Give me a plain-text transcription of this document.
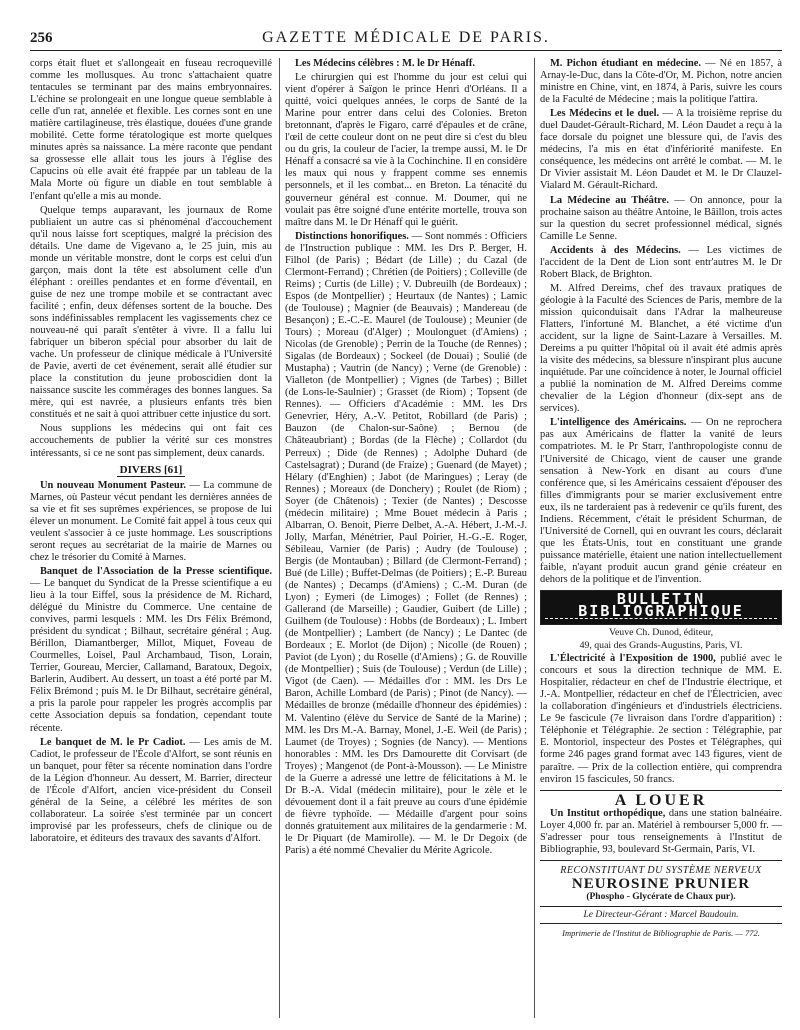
256	GAZETTE MÉDICALE DE PARIS.

corps était fluet et s'allongeait en fuseau recroquevillé comme les mollusques. Au tronc s'attachaient quatre tentacules se terminant par des mains embryonnaires. L'échine se prolongeait en une longue queue semblable à celle d'un rat, annelée et flexible. Les cornes sont en une matière cartilagineuse, très élastique, douées d'une grande mobilité. Cette forme tératologique est morte quelques minutes après sa naissance. La mère raconte que pendant sa grossesse elle allait tous les jours à l'église des Capucins où elle avait été frappée par un tableau de la Mala Morte où figure un diable en tout semblable à l'enfant qu'elle a mis au monde.

Quelque temps auparavant, les journaux de Rome publiaient un autre cas si phénoménal d'accouchement qu'il nous laisse fort sceptiques, malgré la précision des détails. Une dame de Vigevano a, le 25 juin, mis au monde un véritable monstre, dont le corps est celui d'un garçon, mais dont la tête est absolument celle d'un éléphant : oreilles pendantes et en forme d'éventail, en guise de nez une trompe mobile et se contractant avec facilité ; enfin, deux défenses sortent de la bouche. Des sons indéfinissables remplacent les vagissements chez ce nouveau-né qui paraît s'entêter à vivre. Il a fallu lui fabriquer un biberon spécial pour absorber du lait de vache. Un professeur de clinique médicale à l'Université de Pavie, averti de cet événement, serait allé étudier sur place la constitution du jeune proboscidien dont la naissance suscite les commérages des bonnes langues. Sa mère, qui est navrée, a plusieurs enfants très bien constitués et ne sait à quoi attribuer cette injustice du sort.

Nous supplions les médecins qui ont fait ces accouchements de publier la vérité sur ces monstres intéressants, si ce ne sont pas simplement, deux canards.

DIVERS [61]

Un nouveau Monument Pasteur. — La commune de Marnes, où Pasteur vécut pendant les dernières années de sa vie et fit ses suprêmes expériences, se propose de lui élever un monument. Le Comité fait appel à tous ceux qui veulent s'associer à ce juste hommage. Les souscriptions seront reçues au secrétariat de la mairie de Marnes ou chez le trésorier du Comité à Marnes.

Banquet de l'Association de la Presse scientifique. — Le banquet du Syndicat de la Presse scientifique a eu lieu à la tour Eiffel, sous la présidence de M. Richard, délégué du Ministre du Commerce. Une centaine de convives, parmi lesquels : MM. les Drs Félix Brémond, président du syndicat ; Bilhaut, secrétaire général ; Aug. Bérillon, Diamantberger, Millot, Miquet, Foveau de Courmelles, Loisel, Paul Archambaud, Tison, Lorain, Terrier, Goureau, Mercier, Callamand, Baratoux, Degoix, Barlerin, Audibert. Au dessert, un toast a été porté par M. Félix Brémond ; puis M. le Dr Bilhaut, secrétaire général, a pris la parole pour rappeler les progrès accomplis par cette Association depuis sa fondation, cependant toute récente.

Le banquet de M. le Pr Cadiot. — Les amis de M. Cadiot, le professeur de l'École d'Alfort, se sont réunis en un banquet, pour fêter sa récente nomination dans l'ordre de la Légion d'honneur. Au dessert, M. Barrier, directeur de l'École d'Alfort, ancien vice-président du Conseil général de la Seine, a célébré les mérites de son collaborateur. La soirée s'est terminée par un concert improvisé par les professeurs, chefs de clinique ou de laboratoire, et éditeurs des travaux des savants d'Alfort.

Les Médecins célèbres : M. le Dr Hénaff.

Le chirurgien qui est l'homme du jour est celui qui vient d'opérer à Saïgon le prince Henri d'Orléans. Il a quitté, voici quelques années, le corps de Santé de la Marine pour entrer dans celui des Colonies. Breton bretonnant, d'après le Figaro, carré d'épaules et de crâne, l'œil de cette couleur dont on ne peut dire si c'est du bleu ou du gris, la couleur de l'acier, la trempe aussi, M. le Dr Hénaff a consacré sa vie à la Cochinchine. Il en considère les maux qui nous y frappent comme ses ennemis personnels, et il les combat... en Breton. La ténacité du gouverneur général est connue. M. Doumer, qui ne voulait pas être soigné d'une entérite mortelle, trouva son maître dans M. le Dr Hénaff qui le guérit.

Distinctions honorifiques. — Sont nommés : Officiers de l'Instruction publique : MM. les Drs P. Berger, H. Filhol (de Paris) ; Bédart (de Lille) ; du Cazal (de Clermont-Ferrand) ; Chrétien (de Poitiers) ; Colleville (de Reims) ; Curtis (de Lille) ; V. Dubreuilh (de Bordeaux) ; Espos (de Montpellier) ; Heurtaux (de Nantes) ; Lamic (de Toulouse) ; Magnier (de Beauvais) ; Mandereau (de Besançon) ; E.-C.-E. Maurel (de Toulouse) ; Meunier (de Tours) ; Moreau (d'Alger) ; Moulonguet (d'Amiens) ; Nicolas (de Grenoble) ; Perrin de la Touche (de Rennes) ; Sigalas (de Bordeaux) ; Sockeel (de Douai) ; Soulié (de Mustapha) ; Vautrin (de Nancy) ; Verne (de Grenoble) : Vialleton (de Montpellier) ; Vignes (de Tarbes) ; Billet (de Lons-le-Saulnier) ; Grasset (de Riom) ; Topsent (de Rennes). — Officiers d'Académie : MM. les Drs Genevrier, Héry, A.-V. Petitot, Robillard (de Paris) ; Bauzon (de Chalon-sur-Saône) ; Bernou (de Châteaubriant) ; Bordas (de la Flèche) ; Collardot (du Perreux) ; Dide (de Rennes) ; Adolphe Duhard (de Castelsagrat) ; Durand (de Fraize) ; Guenard (de Mayet) ; Hélary (d'Enghien) ; Jabot (de Maringues) ; Leray (de Rennes) ; Moreaux (de Donchery) ; Roulet (de Riom) ; Soyer (de Châtenois) ; Texier (de Nantes) ; Descosse (médecin militaire) ; Mme Bouet médecin à Paris ; Albarran, O. Benoit, Pierre Delbet, A.-A. Hébert, J.-M.-J. Jolly, Marfan, Ménétrier, Paul Poirier, H.-G.-E. Roger, Sébileau, Varnier (de Paris) ; Audry (de Toulouse) ; Bergis (de Montauban) ; Billard (de Clermont-Ferrand) ; Bué (de Lille) ; Buffet-Delmas (de Poitiers) ; E.-P. Bureau (de Nantes) ; Decamps (d'Amiens) ; C.-M. Duran (de Lyon) ; Eymeri (de Limoges) ; Follet (de Rennes) ; Gallerand (de Marseille) ; Gaudier, Guibert (de Lille) ; Guilhem (de Toulouse) : Hobbs (de Bordeaux) ; L. Imbert (de Montpellier) ; Lambert (de Nancy) ; Le Dantec (de Bordeaux ; E. Morlot (de Dijon) ; Nicolle (de Rouen) ; Paviot (de Lyon) ; du Roselle (d'Amiens) ; G. de Rouville (de Montpellier) ; Suis (de Toulouse) ; Verdun (de Lille) ; Vigot (de Caen). — Médailles d'or : MM. les Drs Le Baron, Achille Lombard (de Paris) ; Pinot (de Nancy). — Médailles de bronze (médaille d'honneur des épidémies) : M. Valentino (élève du Service de Santé de la Marine) ; MM. les Drs M.-A. Barnay, Monel, J.-E. Weil (de Paris) ; Laumet (de Troyes) ; Sognies (de Nancy). — Mentions honorables : MM. les Drs Damourette dit Corvisart (de Troyes) ; Mangenot (de Pont-à-Mousson). — Le Ministre de la Guerre a adressé une lettre de félicitations à M. le Dr B.-A. Vidal (médecin militaire), pour le zèle et le dévouement dont il a fait preuve au cours d'une épidémie de fièvre typhoïde. — Médaille d'argent pour soins donnés gratuitement aux militaires de la gendarmerie : M. le Dr Piquart (de Mamirolle). — M. le Dr Degoix (de Paris) a été nommé Chevalier du Mérite Agricole.

M. Pichon étudiant en médecine. — Né en 1857, à Arnay-le-Duc, dans la Côte-d'Or, M. Pichon, notre ancien ministre en Chine, vint, en 1874, à Paris, suivre les cours de la Faculté de Médecine ; mais la politique l'attira.

Les Médecins et le duel. — A la troisième reprise du duel Daudet-Gérault-Richard, M. Léon Daudet a reçu à la face dorsale du poignet une blessure qui, de l'avis des médecins, l'a mis en état d'infériorité manifeste. En conséquence, les médecins ont arrêté le combat. — M. le Dr Vivier assistait M. Léon Daudet et M. le Dr Clauzel-Vialard M. Gérault-Richard.

La Médecine au Théâtre. — On annonce, pour la prochaine saison au théâtre Antoine, le Bâillon, trois actes sur la question du secret professionnel médical, signés Camille Le Senne.

Accidents à des Médecins. — Les victimes de l'accident de la Dent de Lion sont entr'autres M. le Dr Robert Black, de Brighton.

M. Alfred Dereims, chef des travaux pratiques de géologie à la Faculté des Sciences de Paris, membre de la mission quiconduisait dans l'Adrar la malheureuse Flatters, l'infortuné M. Blanchet, a été victime d'un accident, sur la ligne de Saint-Lazare à Versailles. M. Dereims a pu quitter l'hôpital où il avait été admis après la visite des médecins, sa blessure n'inspirant plus aucune inquiétude. Par une coïncidence à noter, le Journal officiel a publié la nomination de M. Alfred Dereims comme chevalier de la Légion d'honneur (dix-sept ans de services).

L'intelligence des Américains. — On ne reprochera pas aux Américains de flatter la vanité de leurs compatriotes. M. le Pr Starr, l'anthropologiste connu de l'Université de Chicago, vient de causer une grande sensation à New-York en disant au cours d'une conférence que, si les Américains cessaient d'épouser des filles d'immigrants pour se marier exclusivement entre eux, ils ne tarderaient pas à redevenir ce qu'ils furent, des Indiens. Récemment, c'était le président Schurman, de l'Université de Cornell, qui en ouvrant les cours, déclarait que les États-Unis, tout en constituant une grande puissance matérielle, étaient une nation intellectuellement faible, n'ayant produit aucun grand génie créateur en dehors de la politique et de l'invention.

BULLETIN BIBLIOGRAPHIQUE
Veuve Ch. Dunod, éditeur,
49, quai des Grands-Augustins, Paris, VI.

L'Électricité à l'Exposition de 1900, publié avec le concours et sous la direction technique de MM. E. Hospitalier, rédacteur en chef de l'Industrie électrique, et J.-A. Montpellier, rédacteur en chef de l'Électricien, avec la collaboration d'ingénieurs et d'industriels électriciens. Le 9e fascicule (7e livraison dans l'ordre d'apparition) : Téléphonie et Télégraphie. 2e section : Télégraphie, par E. Montoriol, inspecteur des Postes et Télégraphes, qui forme 246 pages grand format avec 143 figures, vient de paraître. — Prix de la collection entière, qui comprendra environ 15 fascicules, 50 francs.

A LOUER

Un Institut orthopédique, dans une station balnéaire. Loyer 4,000 fr. par an. Matériel à rembourser 5,000 fr. — S'adresser pour tous renseignements à l'Institut de Bibliographie, 93, boulevard St-Germain, Paris, VI.

RECONSTITUANT DU SYSTÈME NERVEUX
NEUROSINE PRUNIER
(Phospho - Glycérate de Chaux pur).
Le Directeur-Gérant : Marcel Baudouin.
Imprimerie de l'Institut de Bibliographie de Paris. — 772.
